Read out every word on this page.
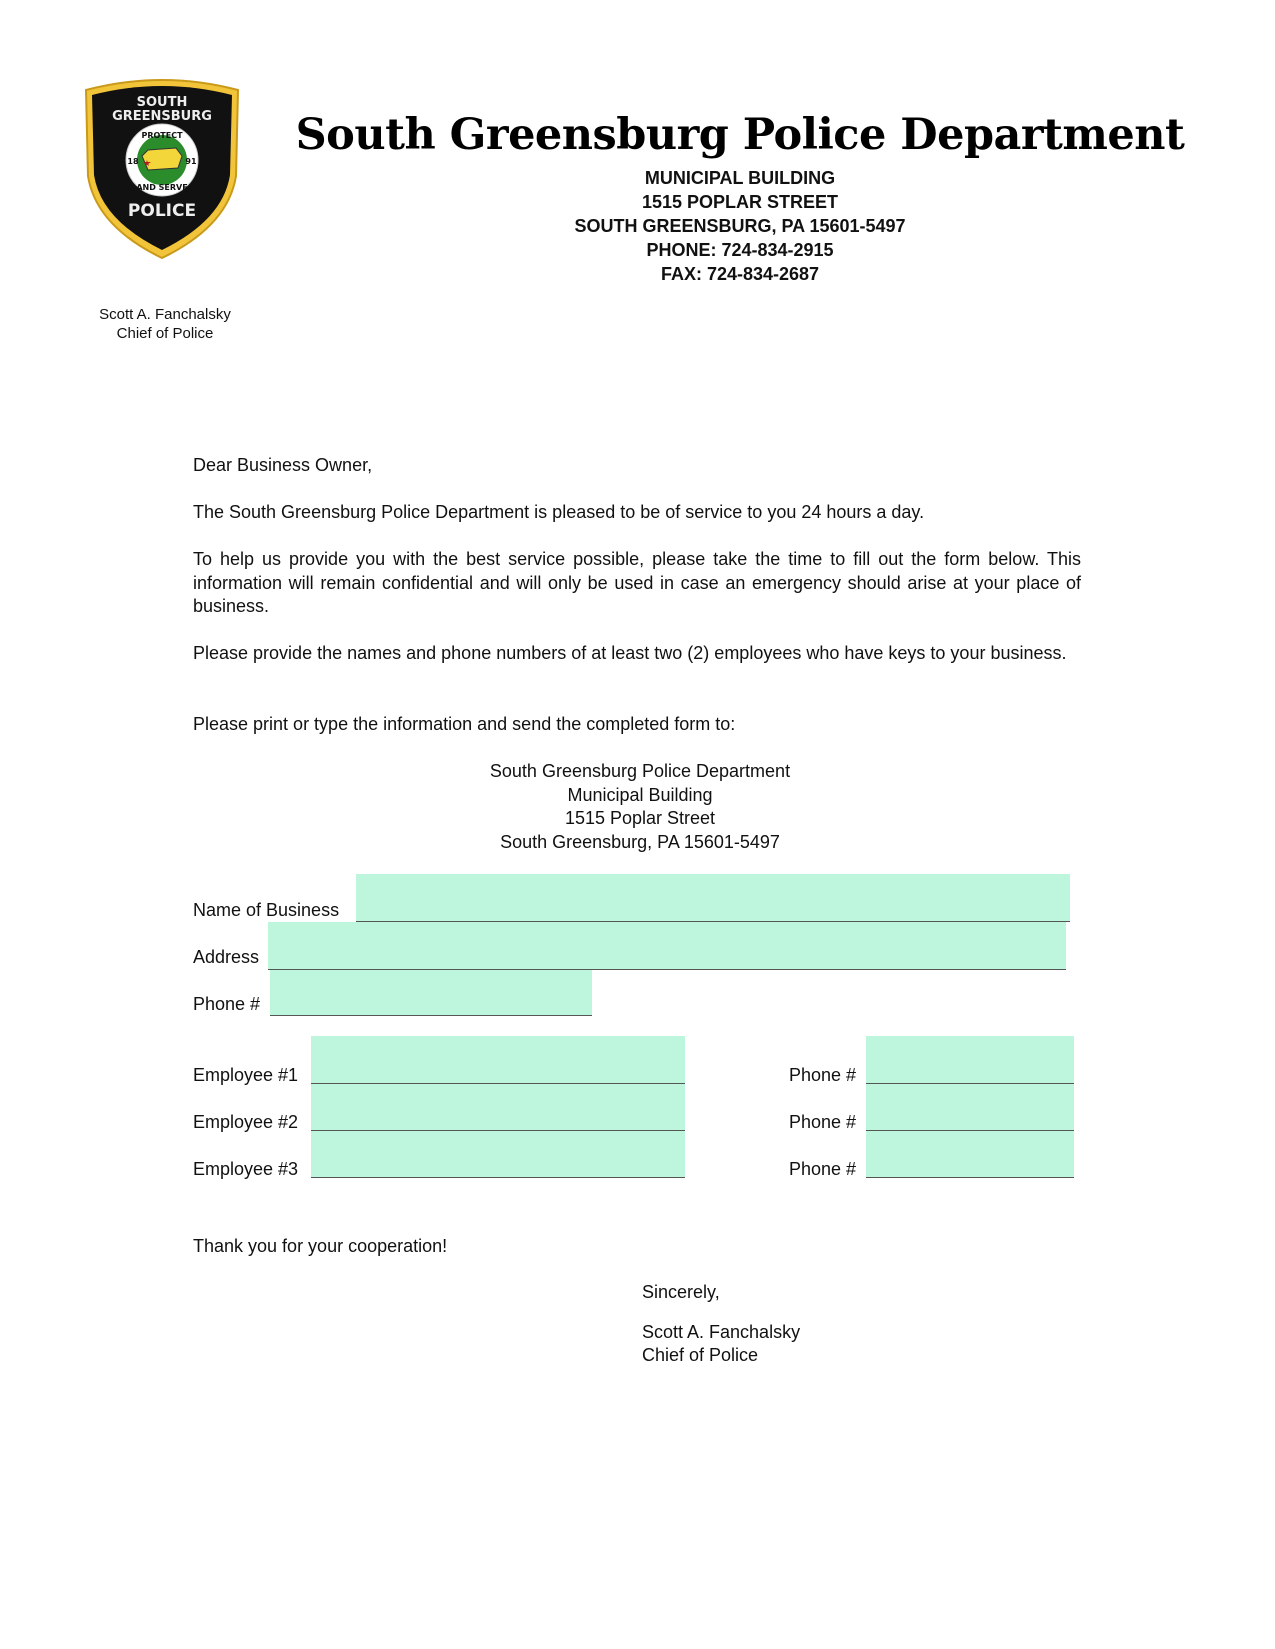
SOUTH
GREENSBURG
PROTECT
AND SERVE
18	91
POLICE
South Greensburg Police Department
MUNICIPAL BUILDING
1515 POPLAR STREET
SOUTH GREENSBURG, PA 15601-5497
PHONE: 724-834-2915
FAX: 724-834-2687
Scott A. Fanchalsky
Chief of Police
Dear Business Owner,
The South Greensburg Police Department is pleased to be of service to you 24 hours a day.
To help us provide you with the best service possible, please take the time to fill out the form below. This information will remain confidential and will only be used in case an emergency should arise at your place of business.
Please provide the names and phone numbers of at least two (2) employees who have keys to your business.
Please print or type the information and send the completed form to:
South Greensburg Police Department
Municipal Building
1515 Poplar Street
South Greensburg, PA 15601-5497
Name of Business
Address
Phone #
Employee #1	Phone #
Employee #2	Phone #
Employee #3	Phone #
Thank you for your cooperation!
Sincerely,
Scott A. Fanchalsky
Chief of Police
